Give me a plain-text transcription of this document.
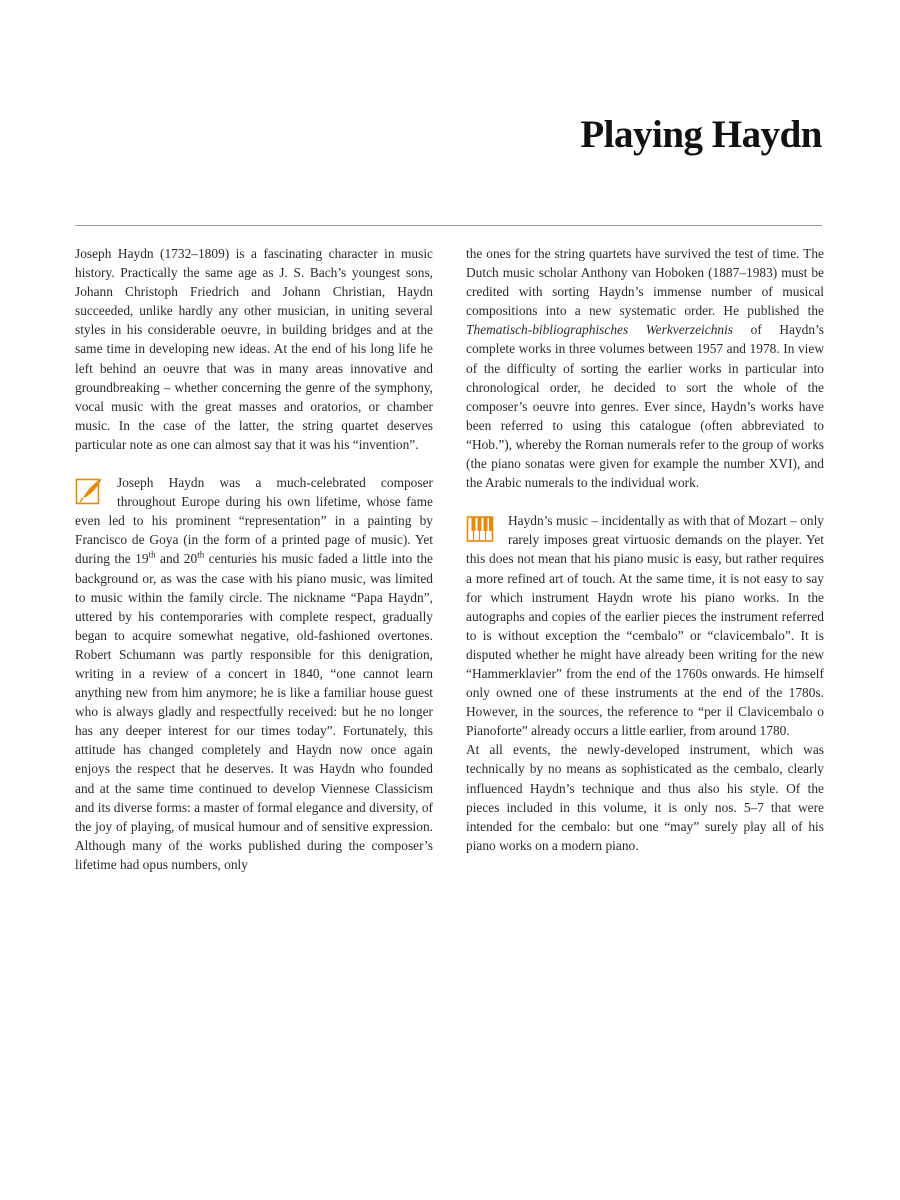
Playing Haydn

Joseph Haydn (1732–1809) is a fascinating character in music history. Practically the same age as J. S. Bach’s youngest sons, Johann Christoph Friedrich and Johann Christian, Haydn succeeded, unlike hardly any other musician, in uniting several styles in his considerable oeuvre, in building bridges and at the same time in developing new ideas. At the end of his long life he left behind an oeuvre that was in many areas innovative and groundbreaking – whether concerning the genre of the symphony, vocal music with the great masses and oratorios, or chamber music. In the case of the latter, the string quartet deserves particular note as one can almost say that it was his “invention”.

Joseph Haydn was a much-celebrated composer throughout Europe during his own lifetime, whose fame even led to his prominent “representation” in a painting by Francisco de Goya (in the form of a printed page of music). Yet during the 19th and 20th centuries his music faded a little into the background or, as was the case with his piano music, was limited to music within the family circle. The nickname “Papa Haydn”, uttered by his contemporaries with complete respect, gradually began to acquire somewhat negative, old-fashioned overtones. Robert Schumann was partly responsible for this denigration, writing in a review of a concert in 1840, “one cannot learn anything new from him anymore; he is like a familiar house guest who is always gladly and respectfully received: but he no longer has any deeper interest for our times today”. Fortunately, this attitude has changed completely and Haydn now once again enjoys the respect that he deserves. It was Haydn who founded and at the same time continued to develop Viennese Classicism and its diverse forms: a master of formal elegance and diversity, of the joy of playing, of musical humour and of sensitive expression. Although many of the works published during the composer’s lifetime had opus numbers, only

the ones for the string quartets have survived the test of time. The Dutch music scholar Anthony van Hoboken (1887–1983) must be credited with sorting Haydn’s immense number of musical compositions into a new systematic order. He published the Thematisch-bibliographisches Werkverzeichnis of Haydn’s complete works in three volumes between 1957 and 1978. In view of the difficulty of sorting the earlier works in particular into chronological order, he decided to sort the whole of the composer’s oeuvre into genres. Ever since, Haydn’s works have been referred to using this catalogue (often abbreviated to “Hob.”), whereby the Roman numerals refer to the group of works (the piano sonatas were given for example the number XVI), and the Arabic numerals to the individual work.

Haydn’s music – incidentally as with that of Mozart – only rarely imposes great virtuosic demands on the player. Yet this does not mean that his piano music is easy, but rather requires a more refined art of touch. At the same time, it is not easy to say for which instrument Haydn wrote his piano works. In the autographs and copies of the earlier pieces the instrument referred to is without exception the “cembalo” or “clavicembalo”. It is disputed whether he might have already been writing for the new “Hammerklavier” from the end of the 1760s onwards. He himself only owned one of these instruments at the end of the 1780s. However, in the sources, the reference to “per il Clavicembalo o Pianoforte” already occurs a little earlier, from around 1780.

At all events, the newly-developed instrument, which was technically by no means as sophisticated as the cembalo, clearly influenced Haydn’s technique and thus also his style. Of the pieces included in this volume, it is only nos. 5–7 that were intended for the cembalo: but one “may” surely play all of his piano works on a modern piano.
